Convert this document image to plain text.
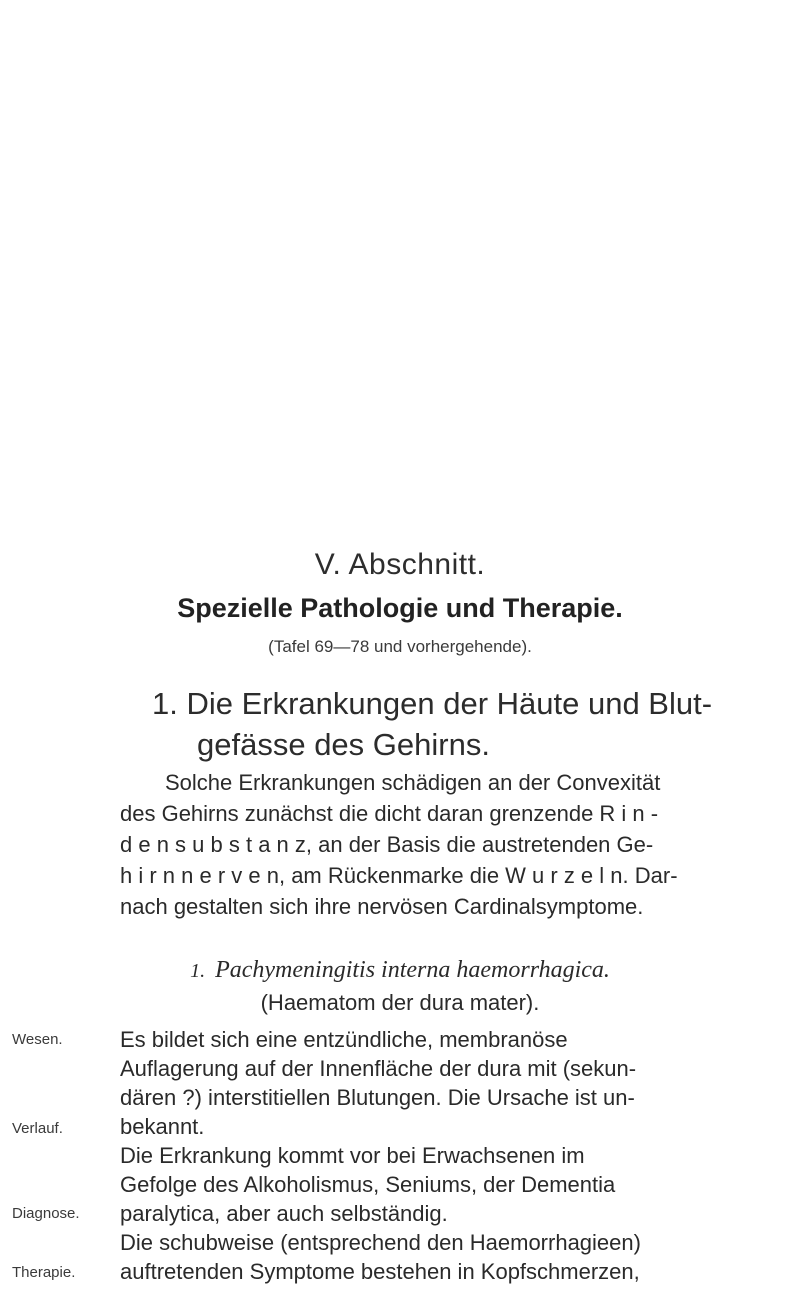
V. Abschnitt.
Spezielle Pathologie und Therapie.
(Tafel 69—78 und vorhergehende).
1. Die Erkrankungen der Häute und Blut-
gefässe des Gehirns.
Solche Erkrankungen schädigen an der Convexität
des Gehirns zunächst die dicht daran grenzende R i n -
d e n s u b s t a n z, an der Basis die austretenden Ge-
h i r n n e r v e n, am Rückenmarke die W u r z e l n. Dar-
nach gestalten sich ihre nervösen Cardinalsymptome.
1. Pachymeningitis interna haemorrhagica.
(Haematom der dura mater).
Wesen.
Verlauf.
Diagnose.
Therapie.
Es bildet sich eine entzündliche, membranöse
Auflagerung auf der Innenfläche der dura mit (sekun-
dären ?) interstitiellen Blutungen. Die Ursache ist un-
bekannt.
Die Erkrankung kommt vor bei Erwachsenen im
Gefolge des Alkoholismus, Seniums, der Dementia
paralytica, aber auch selbständig.
Die schubweise (entsprechend den Haemorrhagieen)
auftretenden Symptome bestehen in Kopfschmerzen,
